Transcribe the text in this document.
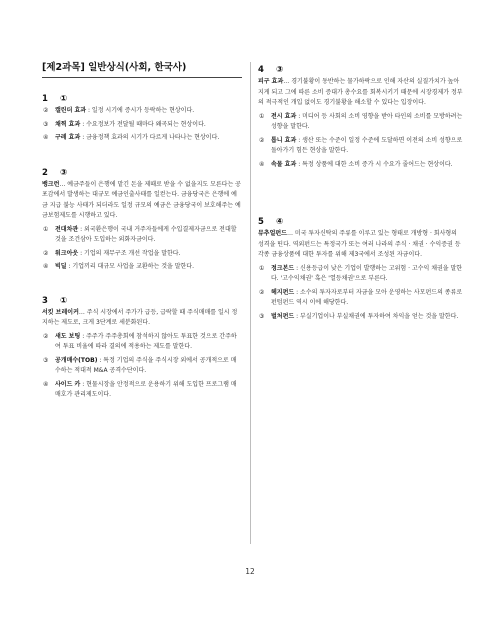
[제2과목] 일반상식(사회, 한국사)
1 ①

② 캘린더 효과 : 일정 시기에 증시가 등락하는 현상이다.

③ 채찍 효과 : 수요정보가 전달될 때마다 왜곡되는 현상이다.

④ 구레 효과 : 금융정책 효과의 시기가 다르게 나타나는 현상이다.

2 ③

뱅크런… 예금주들이 은행에 맡긴 돈을 제때로 받을 수 없을지도 모른다는 공포감에서 발생하는 대규모 예금인출사태를 일컫는다. 금융당국은 은행에 예금 지급 불능 사태가 되더라도 일정 규모의 예금은 금융당국이 보호해주는 예금보험제도를 시행하고 있다.

① 전대차관 : 외국환은행이 국내 거주자들에게 수입결제자금으로 전대할 것을 조건삼아 도입하는 외화자금이다.

② 워크아웃 : 기업의 재무구조 개선 작업을 말한다.

④ 빅딜 : 기업끼리 대규모 사업을 교환하는 것을 말한다.

3 ①

서킷 브레이커… 주식 시장에서 주가가 급등, 급락할 때 주식매매를 일시 정지하는 제도로, 크게 3단계로 세분화된다.

② 섀도 보팅 : 주주가 주주총회에 참석하지 않아도 투표한 것으로 간주하여 투표 비율에 따라 결의에 적용하는 제도를 말한다.

③ 공개매수(TOB) : 특정 기업의 주식을 주식시장 외에서 공개적으로 매수하는 적대적 M&A 공격수단이다.

④ 사이드 카 : 현물시장을 안정적으로 운용하기 위해 도입한 프로그램 매매호가 관리제도이다.

4 ③

피구 효과… 경기불황이 동반하는 물가하락으로 인해 자산의 실질가치가 높아지게 되고 그에 따른 소비 증대가 총수요를 회복시키기 때문에 시장경제가 정부의 적극적인 개입 없이도 경기불황을 해소할 수 있다는 입장이다.

① 전시 효과 : 미디어 등 사회의 소비 영향을 받아 타인의 소비를 모방하려는 성향을 말한다.

② 톱니 효과 : 생산 또는 수준이 일정 수준에 도달하면 이전의 소비 성향으로 돌아가기 힘든 현상을 말한다.

④ 속물 효과 : 특정 상품에 대한 소비 증가 시 수요가 줄어드는 현상이다.

5 ④

뮤추얼펀드… 미국 투자신탁의 주류를 이루고 있는 형태로 개방형 · 회사형의 성격을 띤다. 역외펀드는 특정국가 또는 여러 나라의 주식 · 채권 · 수익증권 등 각종 금융상품에 대한 투자를 위해 제3국에서 조성된 자금이다.

① 정크본드 : 신용등급이 낮은 기업이 발행하는 고위험 · 고수익 채권을 말한다. '고수익채권' 혹은 '열등채권'으로 부른다.

② 헤지펀드 : 소수의 투자자로부터 자금을 모아 운영하는 사모펀드의 종류로 펀텀펀드 역시 이에 해당한다.

③ 벌처펀드 : 부실기업이나 부실채권에 투자하여 차익을 얻는 것을 말한다.

12
